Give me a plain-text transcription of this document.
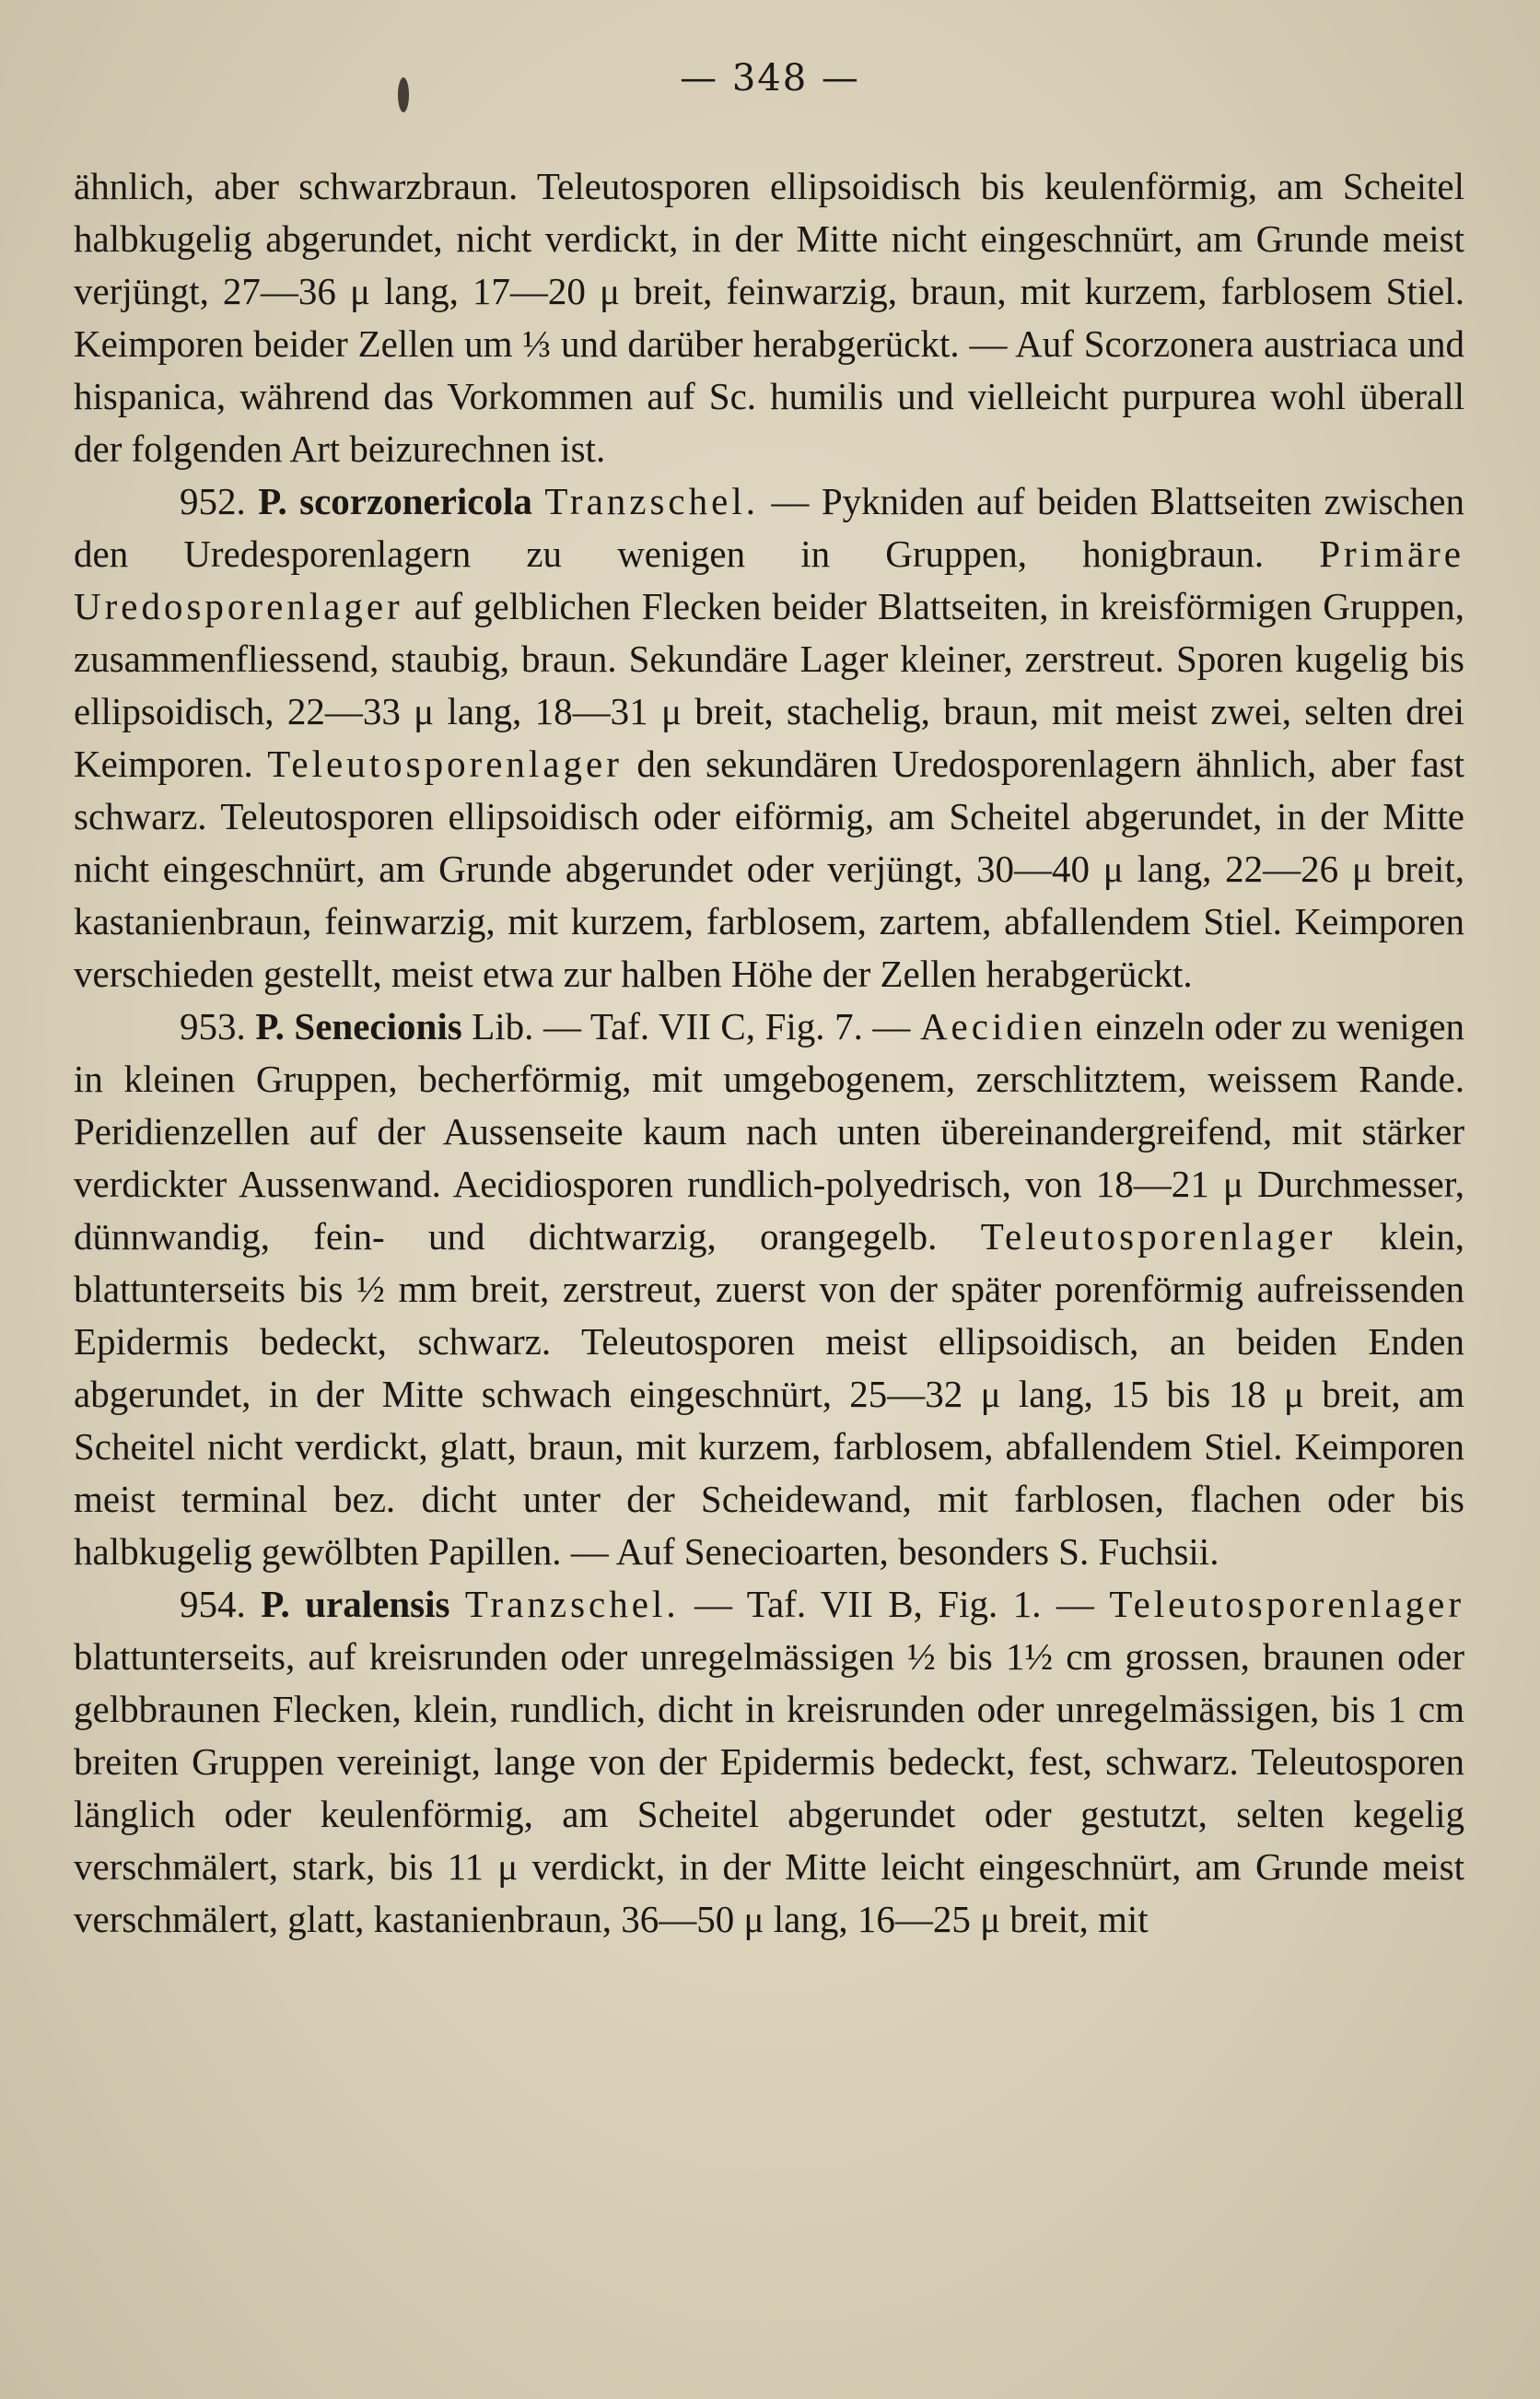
— 348 —

ähnlich, aber schwarzbraun. Teleutosporen ellipsoidisch bis keulenförmig, am Scheitel halbkugelig abgerundet, nicht verdickt, in der Mitte nicht eingeschnürt, am Grunde meist verjüngt, 27—36 μ lang, 17—20 μ breit, feinwarzig, braun, mit kurzem, farblosem Stiel. Keimporen beider Zellen um ⅓ und darüber herabgerückt. — Auf Scorzonera austriaca und hispanica, während das Vorkommen auf Sc. humilis und vielleicht purpurea wohl überall der folgenden Art beizurechnen ist.

952. P. scorzonericola Tranzschel. — Pykniden auf beiden Blattseiten zwischen den Uredesporenlagern zu wenigen in Gruppen, honigbraun. Primäre Uredosporenlager auf gelblichen Flecken beider Blattseiten, in kreisförmigen Gruppen, zusammenfliessend, staubig, braun. Sekundäre Lager kleiner, zerstreut. Sporen kugelig bis ellipsoidisch, 22—33 μ lang, 18—31 μ breit, stachelig, braun, mit meist zwei, selten drei Keimporen. Teleutosporenlager den sekundären Uredosporenlagern ähnlich, aber fast schwarz. Teleutosporen ellipsoidisch oder eiförmig, am Scheitel abgerundet, in der Mitte nicht eingeschnürt, am Grunde abgerundet oder verjüngt, 30—40 μ lang, 22—26 μ breit, kastanienbraun, feinwarzig, mit kurzem, farblosem, zartem, abfallendem Stiel. Keimporen verschieden gestellt, meist etwa zur halben Höhe der Zellen herabgerückt.

953. P. Senecionis Lib. — Taf. VII C, Fig. 7. — Aecidien einzeln oder zu wenigen in kleinen Gruppen, becherförmig, mit umgebogenem, zerschlitztem, weissem Rande. Peridienzellen auf der Aussenseite kaum nach unten übereinandergreifend, mit stärker verdickter Aussenwand. Aecidiosporen rundlich-polyedrisch, von 18—21 μ Durchmesser, dünnwandig, fein- und dichtwarzig, orangegelb. Teleutosporenlager klein, blattunterseits bis ½ mm breit, zerstreut, zuerst von der später porenförmig aufreissenden Epidermis bedeckt, schwarz. Teleutosporen meist ellipsoidisch, an beiden Enden abgerundet, in der Mitte schwach eingeschnürt, 25—32 μ lang, 15 bis 18 μ breit, am Scheitel nicht verdickt, glatt, braun, mit kurzem, farblosem, abfallendem Stiel. Keimporen meist terminal bez. dicht unter der Scheidewand, mit farblosen, flachen oder bis halbkugelig gewölbten Papillen. — Auf Senecioarten, besonders S. Fuchsii.

954. P. uralensis Tranzschel. — Taf. VII B, Fig. 1. — Teleutosporenlager blattunterseits, auf kreisrunden oder unregelmässigen ½ bis 1½ cm grossen, braunen oder gelbbraunen Flecken, klein, rundlich, dicht in kreisrunden oder unregelmässigen, bis 1 cm breiten Gruppen vereinigt, lange von der Epidermis bedeckt, fest, schwarz. Teleutosporen länglich oder keulenförmig, am Scheitel abgerundet oder gestutzt, selten kegelig verschmälert, stark, bis 11 μ verdickt, in der Mitte leicht eingeschnürt, am Grunde meist verschmälert, glatt, kastanienbraun, 36—50 μ lang, 16—25 μ breit, mit
